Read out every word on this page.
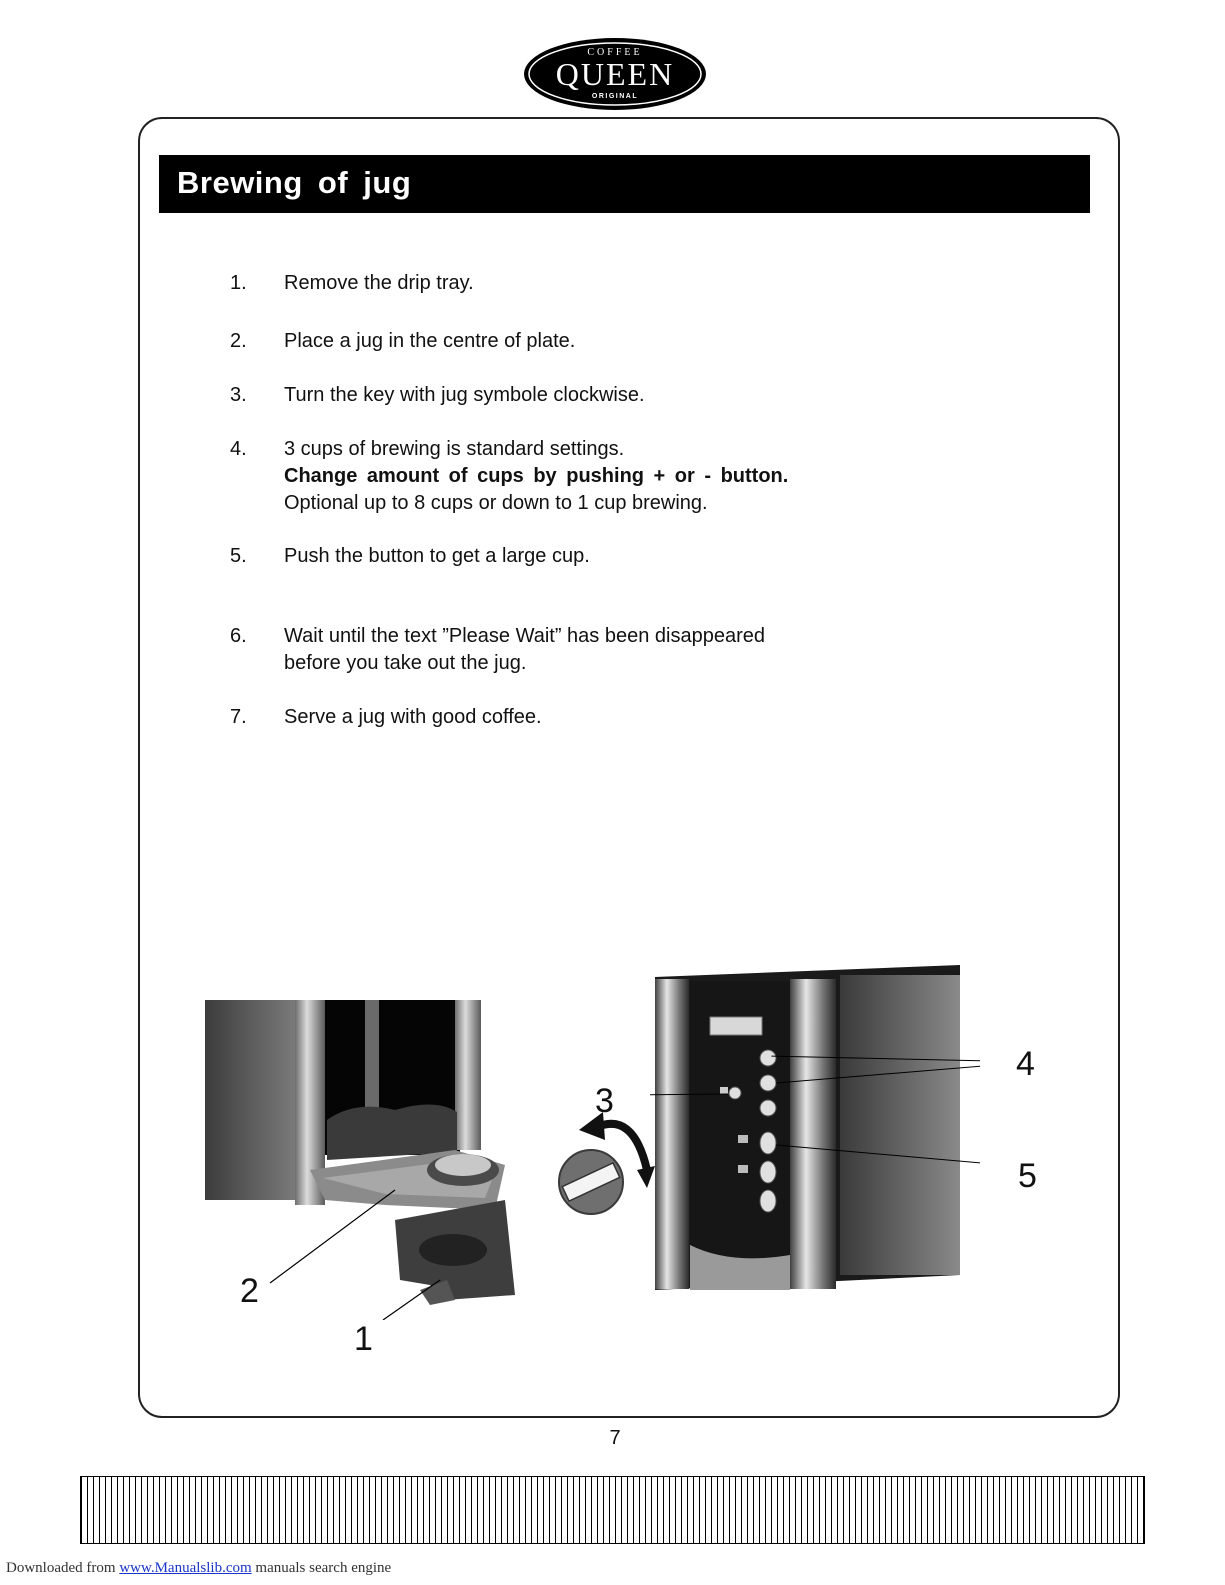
COFFEE
QUEEN
ORIGINAL
Brewing of jug
1.	Remove the drip tray.
2.	Place a jug in the centre of plate.
3.	Turn the key with jug symbole clockwise.
4.	3 cups of brewing is standard settings.
Change amount of cups by pushing + or - button.
Optional up to 8 cups or down to 1 cup brewing.
5.	Push the button to get a large cup.
6.	Wait until the text ”Please Wait” has been disappeared
before you take out the jug.
7.	Serve a jug with good coffee.
2
1
3
4
5
7
Downloaded from www.Manualslib.com manuals search engine
